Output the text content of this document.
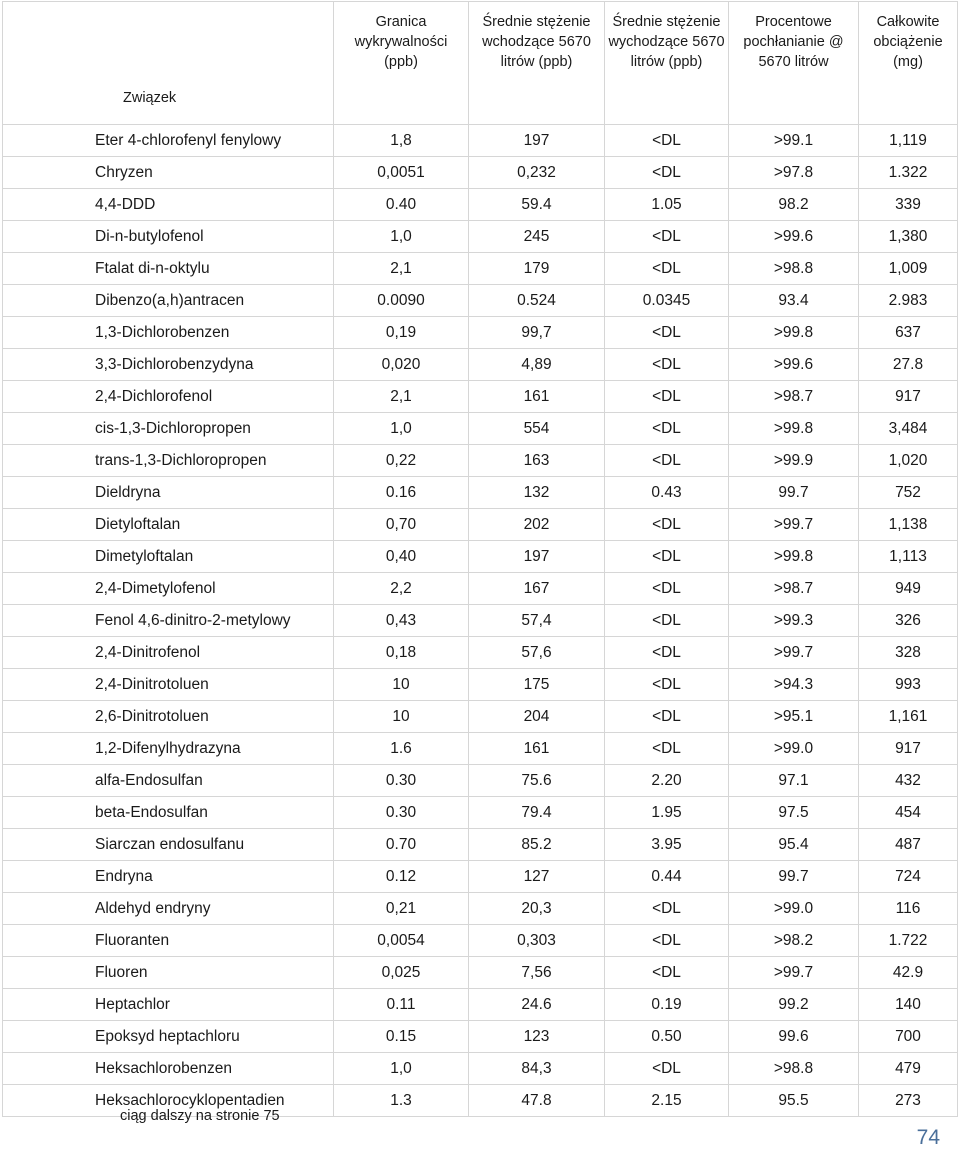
Związek	Granica wykrywalności (ppb)	Średnie stężenie wchodzące 5670 litrów (ppb)	Średnie stężenie wychodzące 5670 litrów (ppb)	Procentowe pochłanianie @ 5670 litrów	Całkowite obciążenie (mg)
Eter 4-chlorofenyl fenylowy	1,8	197	<DL	>99.1	1,119
Chryzen	0,0051	0,232	<DL	>97.8	1.322
4,4-DDD	0.40	59.4	1.05	98.2	339
Di-n-butylofenol	1,0	245	<DL	>99.6	1,380
Ftalat di-n-oktylu	2,1	179	<DL	>98.8	1,009
Dibenzo(a,h)antracen	0.0090	0.524	0.0345	93.4	2.983
1,3-Dichlorobenzen	0,19	99,7	<DL	>99.8	637
3,3-Dichlorobenzydyna	0,020	4,89	<DL	>99.6	27.8
2,4-Dichlorofenol	2,1	161	<DL	>98.7	917
cis-1,3-Dichloropropen	1,0	554	<DL	>99.8	3,484
trans-1,3-Dichloropropen	0,22	163	<DL	>99.9	1,020
Dieldryna	0.16	132	0.43	99.7	752
Dietyloftalan	0,70	202	<DL	>99.7	1,138
Dimetyloftalan	0,40	197	<DL	>99.8	1,113
2,4-Dimetylofenol	2,2	167	<DL	>98.7	949
Fenol 4,6-dinitro-2-metylowy	0,43	57,4	<DL	>99.3	326
2,4-Dinitrofenol	0,18	57,6	<DL	>99.7	328
2,4-Dinitrotoluen	10	175	<DL	>94.3	993
2,6-Dinitrotoluen	10	204	<DL	>95.1	1,161
1,2-Difenylhydrazyna	1.6	161	<DL	>99.0	917
alfa-Endosulfan	0.30	75.6	2.20	97.1	432
beta-Endosulfan	0.30	79.4	1.95	97.5	454
Siarczan endosulfanu	0.70	85.2	3.95	95.4	487
Endryna	0.12	127	0.44	99.7	724
Aldehyd endryny	0,21	20,3	<DL	>99.0	116
Fluoranten	0,0054	0,303	<DL	>98.2	1.722
Fluoren	0,025	7,56	<DL	>99.7	42.9
Heptachlor	0.11	24.6	0.19	99.2	140
Epoksyd heptachloru	0.15	123	0.50	99.6	700
Heksachlorobenzen	1,0	84,3	<DL	>98.8	479
Heksachlorocyklopentadien	1.3	47.8	2.15	95.5	273
ciąg dalszy na stronie 75
74
